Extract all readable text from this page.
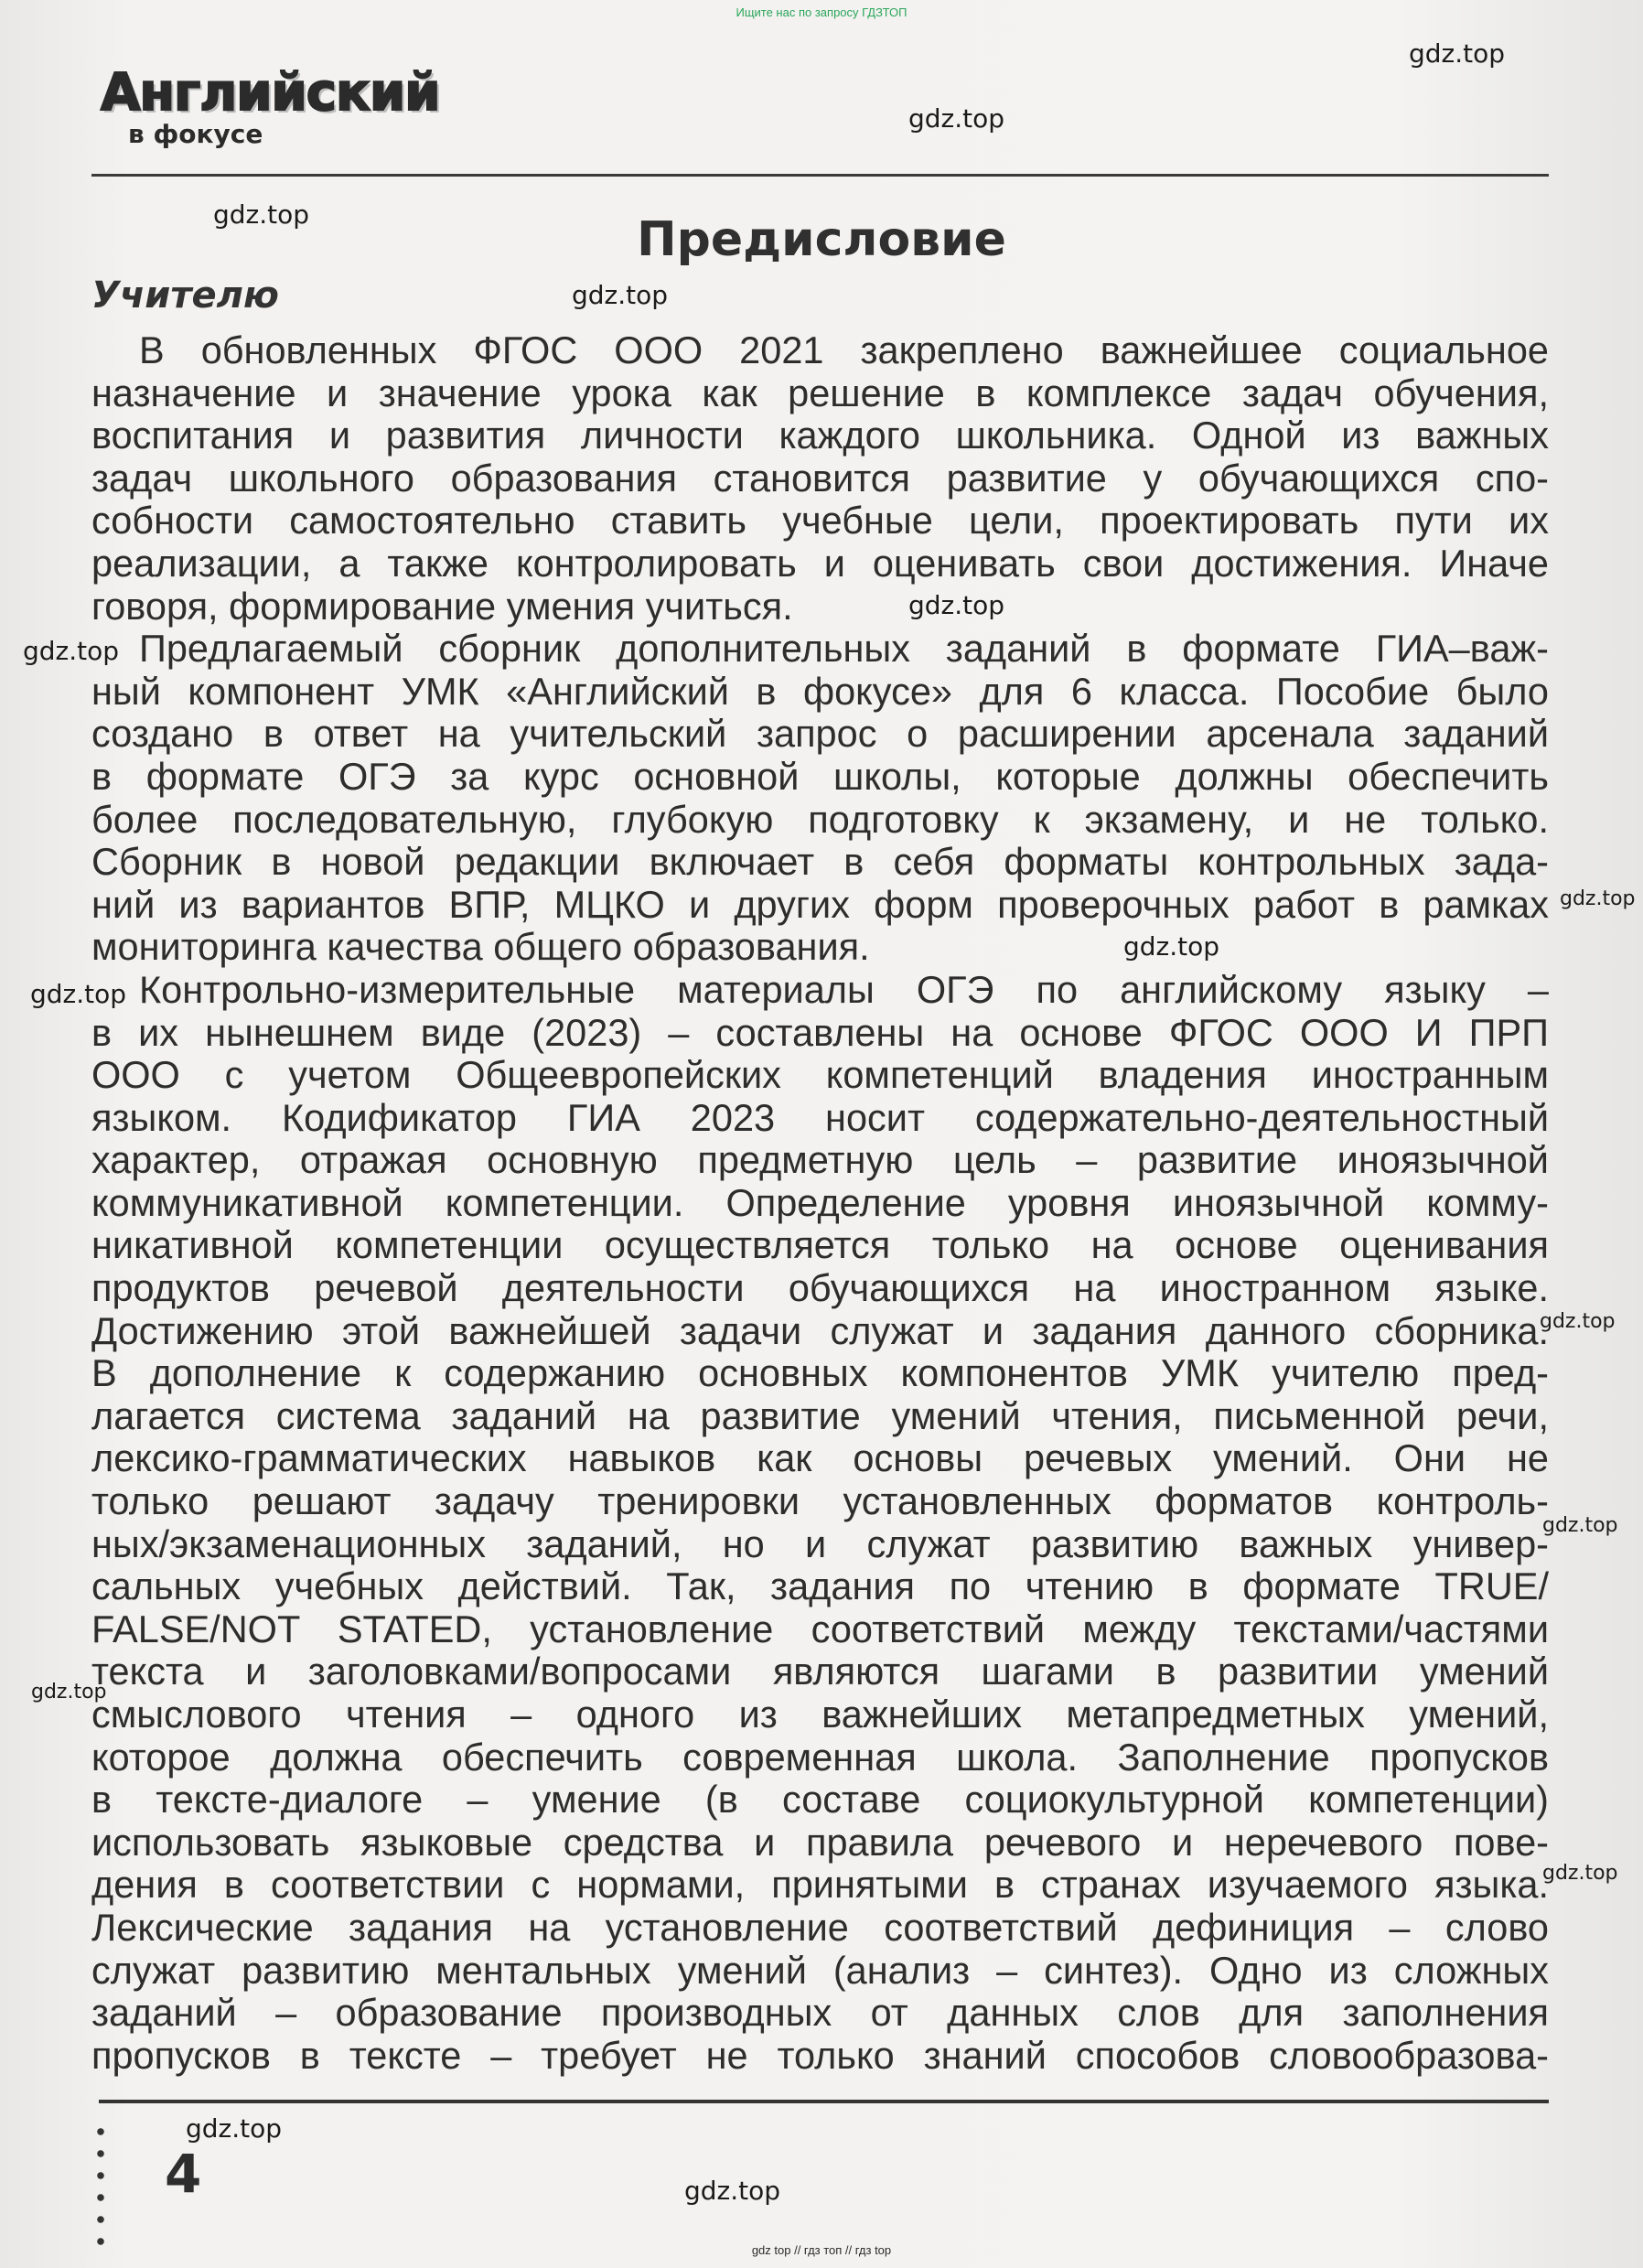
Ищите нас по запросу ГДЗТОП
Английский
в фокусе
Предисловие
Учителю
В обновленных ФГОС ООО 2021 закреплено важнейшее социальное
назначение и значение урока как решение в комплексе задач обучения,
воспитания и развития личности каждого школьника. Одной из важных
задач школьного образования становится развитие у обучающихся спо-
собности самостоятельно ставить учебные цели, проектировать пути их
реализации, а также контролировать и оценивать свои достижения. Иначе
говоря, формирование умения учиться.
Предлагаемый сборник дополнительных заданий в формате ГИА–важ-
ный компонент УМК «Английский в фокусе» для 6 класса. Пособие было
создано в ответ на учительский запрос о расширении арсенала заданий
в формате ОГЭ за курс основной школы, которые должны обеспечить
более последовательную, глубокую подготовку к экзамену, и не только.
Сборник в новой редакции включает в себя форматы контрольных зада-
ний из вариантов ВПР, МЦКО и других форм проверочных работ в рамках
мониторинга качества общего образования.
Контрольно-измерительные материалы ОГЭ по английскому языку –
в их нынешнем виде (2023) – составлены на основе ФГОС ООО И ПРП
ООО с учетом Общеевропейских компетенций владения иностранным
языком. Кодификатор ГИА 2023 носит содержательно-деятельностный
характер, отражая основную предметную цель – развитие иноязычной
коммуникативной компетенции. Определение уровня иноязычной комму-
никативной компетенции осуществляется только на основе оценивания
продуктов речевой деятельности обучающихся на иностранном языке.
Достижению этой важнейшей задачи служат и задания данного сборника.
В дополнение к содержанию основных компонентов УМК учителю пред-
лагается система заданий на развитие умений чтения, письменной речи,
лексико-грамматических навыков как основы речевых умений. Они не
только решают задачу тренировки установленных форматов контроль-
ных/экзаменационных заданий, но и служат развитию важных универ-
сальных учебных действий. Так, задания по чтению в формате TRUE/
FALSE/NOT STATED, установление соответствий между текстами/частями
текста и заголовками/вопросами являются шагами в развитии умений
смыслового чтения – одного из важнейших метапредметных умений,
которое должна обеспечить современная школа. Заполнение пропусков
в тексте-диалоге – умение (в составе социокультурной компетенции)
использовать языковые средства и правила речевого и неречевого пове-
дения в соответствии с нормами, принятыми в странах изучаемого языка.
Лексические задания на установление соответствий дефиниция – слово
служат развитию ментальных умений (анализ – синтез). Одно из сложных
заданий – образование производных от данных слов для заполнения
пропусков в тексте – требует не только знаний способов словообразова-
4
gdz top // гдз топ // гдз top
gdz.top
gdz.top
gdz.top
gdz.top
gdz.top
gdz.top
gdz.top
gdz.top
gdz.top
gdz.top
gdz.top
gdz.top
gdz.top
gdz.top
gdz.top
